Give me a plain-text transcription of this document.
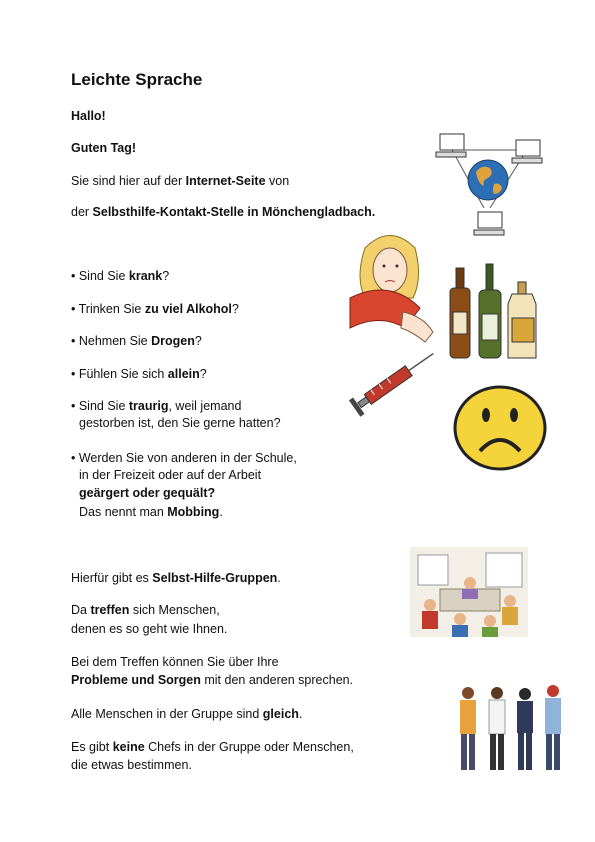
Leichte Sprache
Hallo!
Guten Tag!
Sie sind hier auf der Internet-Seite von
der Selbsthilfe-Kontakt-Stelle in Mönchengladbach.
• Sind Sie krank?
• Trinken Sie zu viel Alkohol?
• Nehmen Sie Drogen?
• Fühlen Sie sich allein?
• Sind Sie traurig, weil jemand
gestorben ist, den Sie gerne hatten?
• Werden Sie von anderen in der Schule,
in der Freizeit oder auf der Arbeit
geärgert oder gequält?
Das nennt man Mobbing.
Hierfür gibt es Selbst-Hilfe-Gruppen.
Da treffen sich Menschen,
denen es so geht wie Ihnen.
Bei dem Treffen können Sie über Ihre
Probleme und Sorgen mit den anderen sprechen.
Alle Menschen in der Gruppe sind gleich.
Es gibt keine Chefs in der Gruppe oder Menschen,
die etwas bestimmen.
